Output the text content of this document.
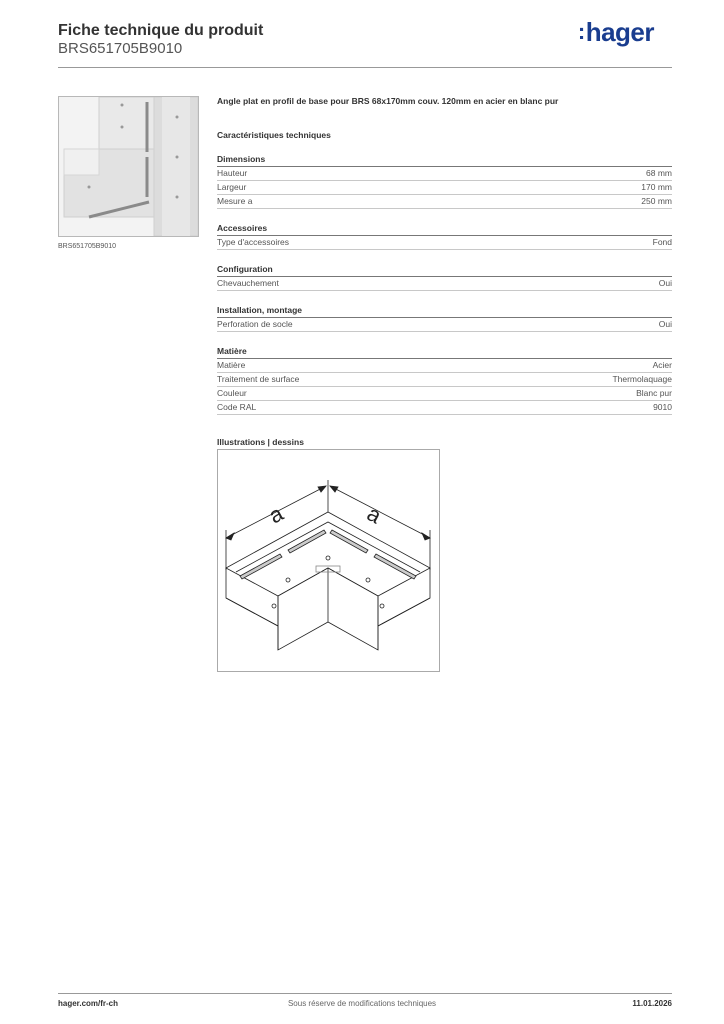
Fiche technique du produit
BRS651705B9010
:hager
BRS651705B9010
Angle plat en profil de base pour BRS 68x170mm couv. 120mm en acier en blanc pur
Caractéristiques techniques
Dimensions
Hauteur	68 mm
Largeur	170 mm
Mesure a	250 mm
Accessoires
Type d'accessoires	Fond
Configuration
Chevauchement	Oui
Installation, montage
Perforation de socle	Oui
Matière
Matière	Acier
Traitement de surface	Thermolaquage
Couleur	Blanc pur
Code RAL	9010
Illustrations | dessins
a	a
hager.com/fr-ch	Sous réserve de modifications techniques	11.01.2026
